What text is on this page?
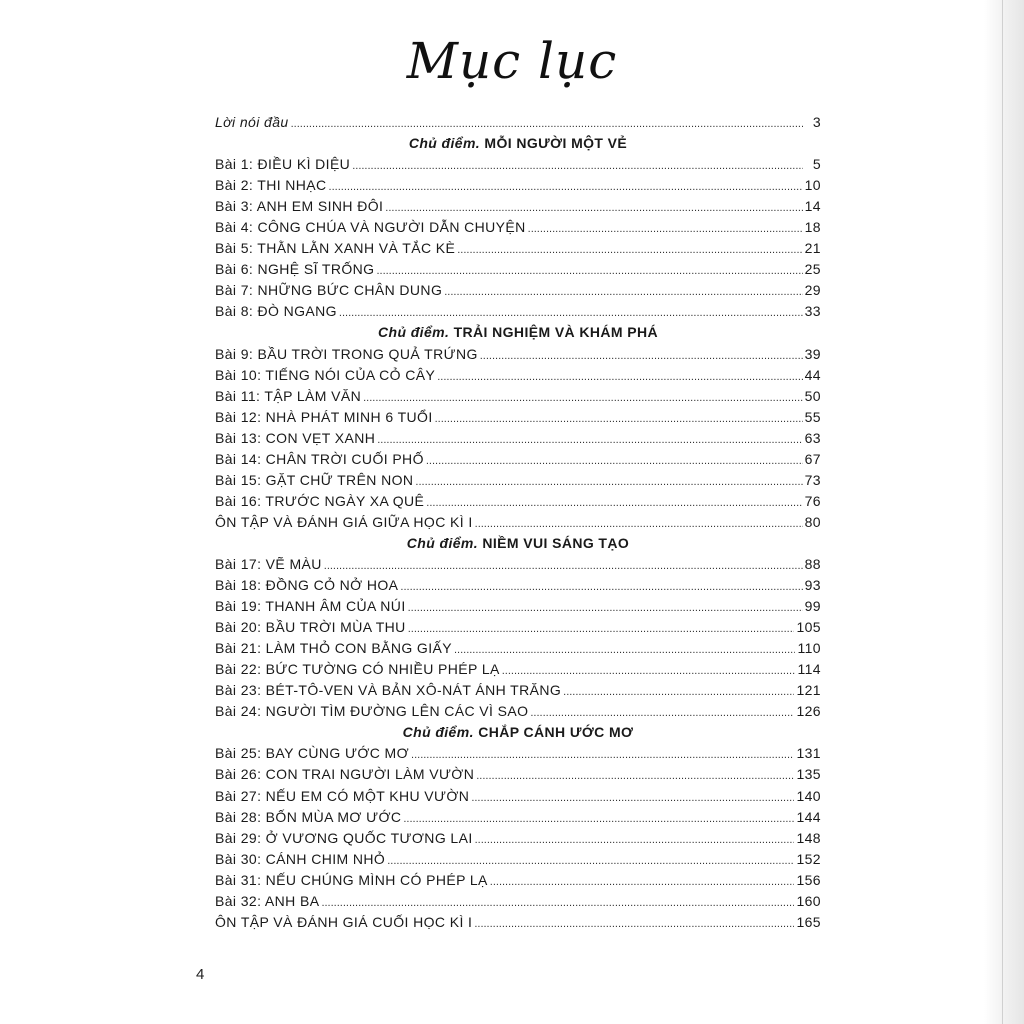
Mục lục
Lời nói đầu .....	3
Chủ điểm. MỖI NGƯỜI MỘT VẺ
Bài 1: ĐIỀU KÌ DIỆU .....	5
Bài 2: THI NHẠC .....	10
Bài 3: ANH EM SINH ĐÔI .....	14
Bài 4: CÔNG CHÚA VÀ NGƯỜI DẪN CHUYỆN .....	18
Bài 5: THẰN LẰN XANH VÀ TẮC KÈ .....	21
Bài 6: NGHỆ SĨ TRỐNG .....	25
Bài 7: NHỮNG BỨC CHÂN DUNG .....	29
Bài 8: ĐÒ NGANG .....	33
Chủ điểm. TRẢI NGHIỆM VÀ KHÁM PHÁ
Bài 9: BẦU TRỜI TRONG QUẢ TRỨNG .....	39
Bài 10: TIẾNG NÓI CỦA CỎ CÂY .....	44
Bài 11: TẬP LÀM VĂN .....	50
Bài 12: NHÀ PHÁT MINH 6 TUỔI .....	55
Bài 13: CON VẸT XANH .....	63
Bài 14: CHÂN TRỜI CUỐI PHỐ .....	67
Bài 15: GẶT CHỮ TRÊN NON .....	73
Bài 16: TRƯỚC NGÀY XA QUÊ .....	76
ÔN TẬP VÀ ĐÁNH GIÁ GIỮA HỌC KÌ I .....	80
Chủ điểm. NIỀM VUI SÁNG TẠO
Bài 17: VẼ MÀU .....	88
Bài 18: ĐỒNG CỎ NỞ HOA .....	93
Bài 19: THANH ÂM CỦA NÚI .....	99
Bài 20: BẦU TRỜI MÙA THU .....	105
Bài 21: LÀM THỎ CON BẰNG GIẤY .....	110
Bài 22: BỨC TƯỜNG CÓ NHIỀU PHÉP LẠ .....	114
Bài 23: BÉT-TÔ-VEN VÀ BẢN XÔ-NÁT ÁNH TRĂNG .....	121
Bài 24: NGƯỜI TÌM ĐƯỜNG LÊN CÁC VÌ SAO .....	126
Chủ điểm. CHẮP CÁNH ƯỚC MƠ
Bài 25: BAY CÙNG ƯỚC MƠ .....	131
Bài 26: CON TRAI NGƯỜI LÀM VƯỜN .....	135
Bài 27: NẾU EM CÓ MỘT KHU VƯỜN .....	140
Bài 28: BỐN MÙA MƠ ƯỚC .....	144
Bài 29: Ở VƯƠNG QUỐC TƯƠNG LAI .....	148
Bài 30: CÁNH CHIM NHỎ .....	152
Bài 31: NẾU CHÚNG MÌNH CÓ PHÉP LẠ .....	156
Bài 32: ANH BA .....	160
ÔN TẬP VÀ ĐÁNH GIÁ CUỐI HỌC KÌ I .....	165
4
